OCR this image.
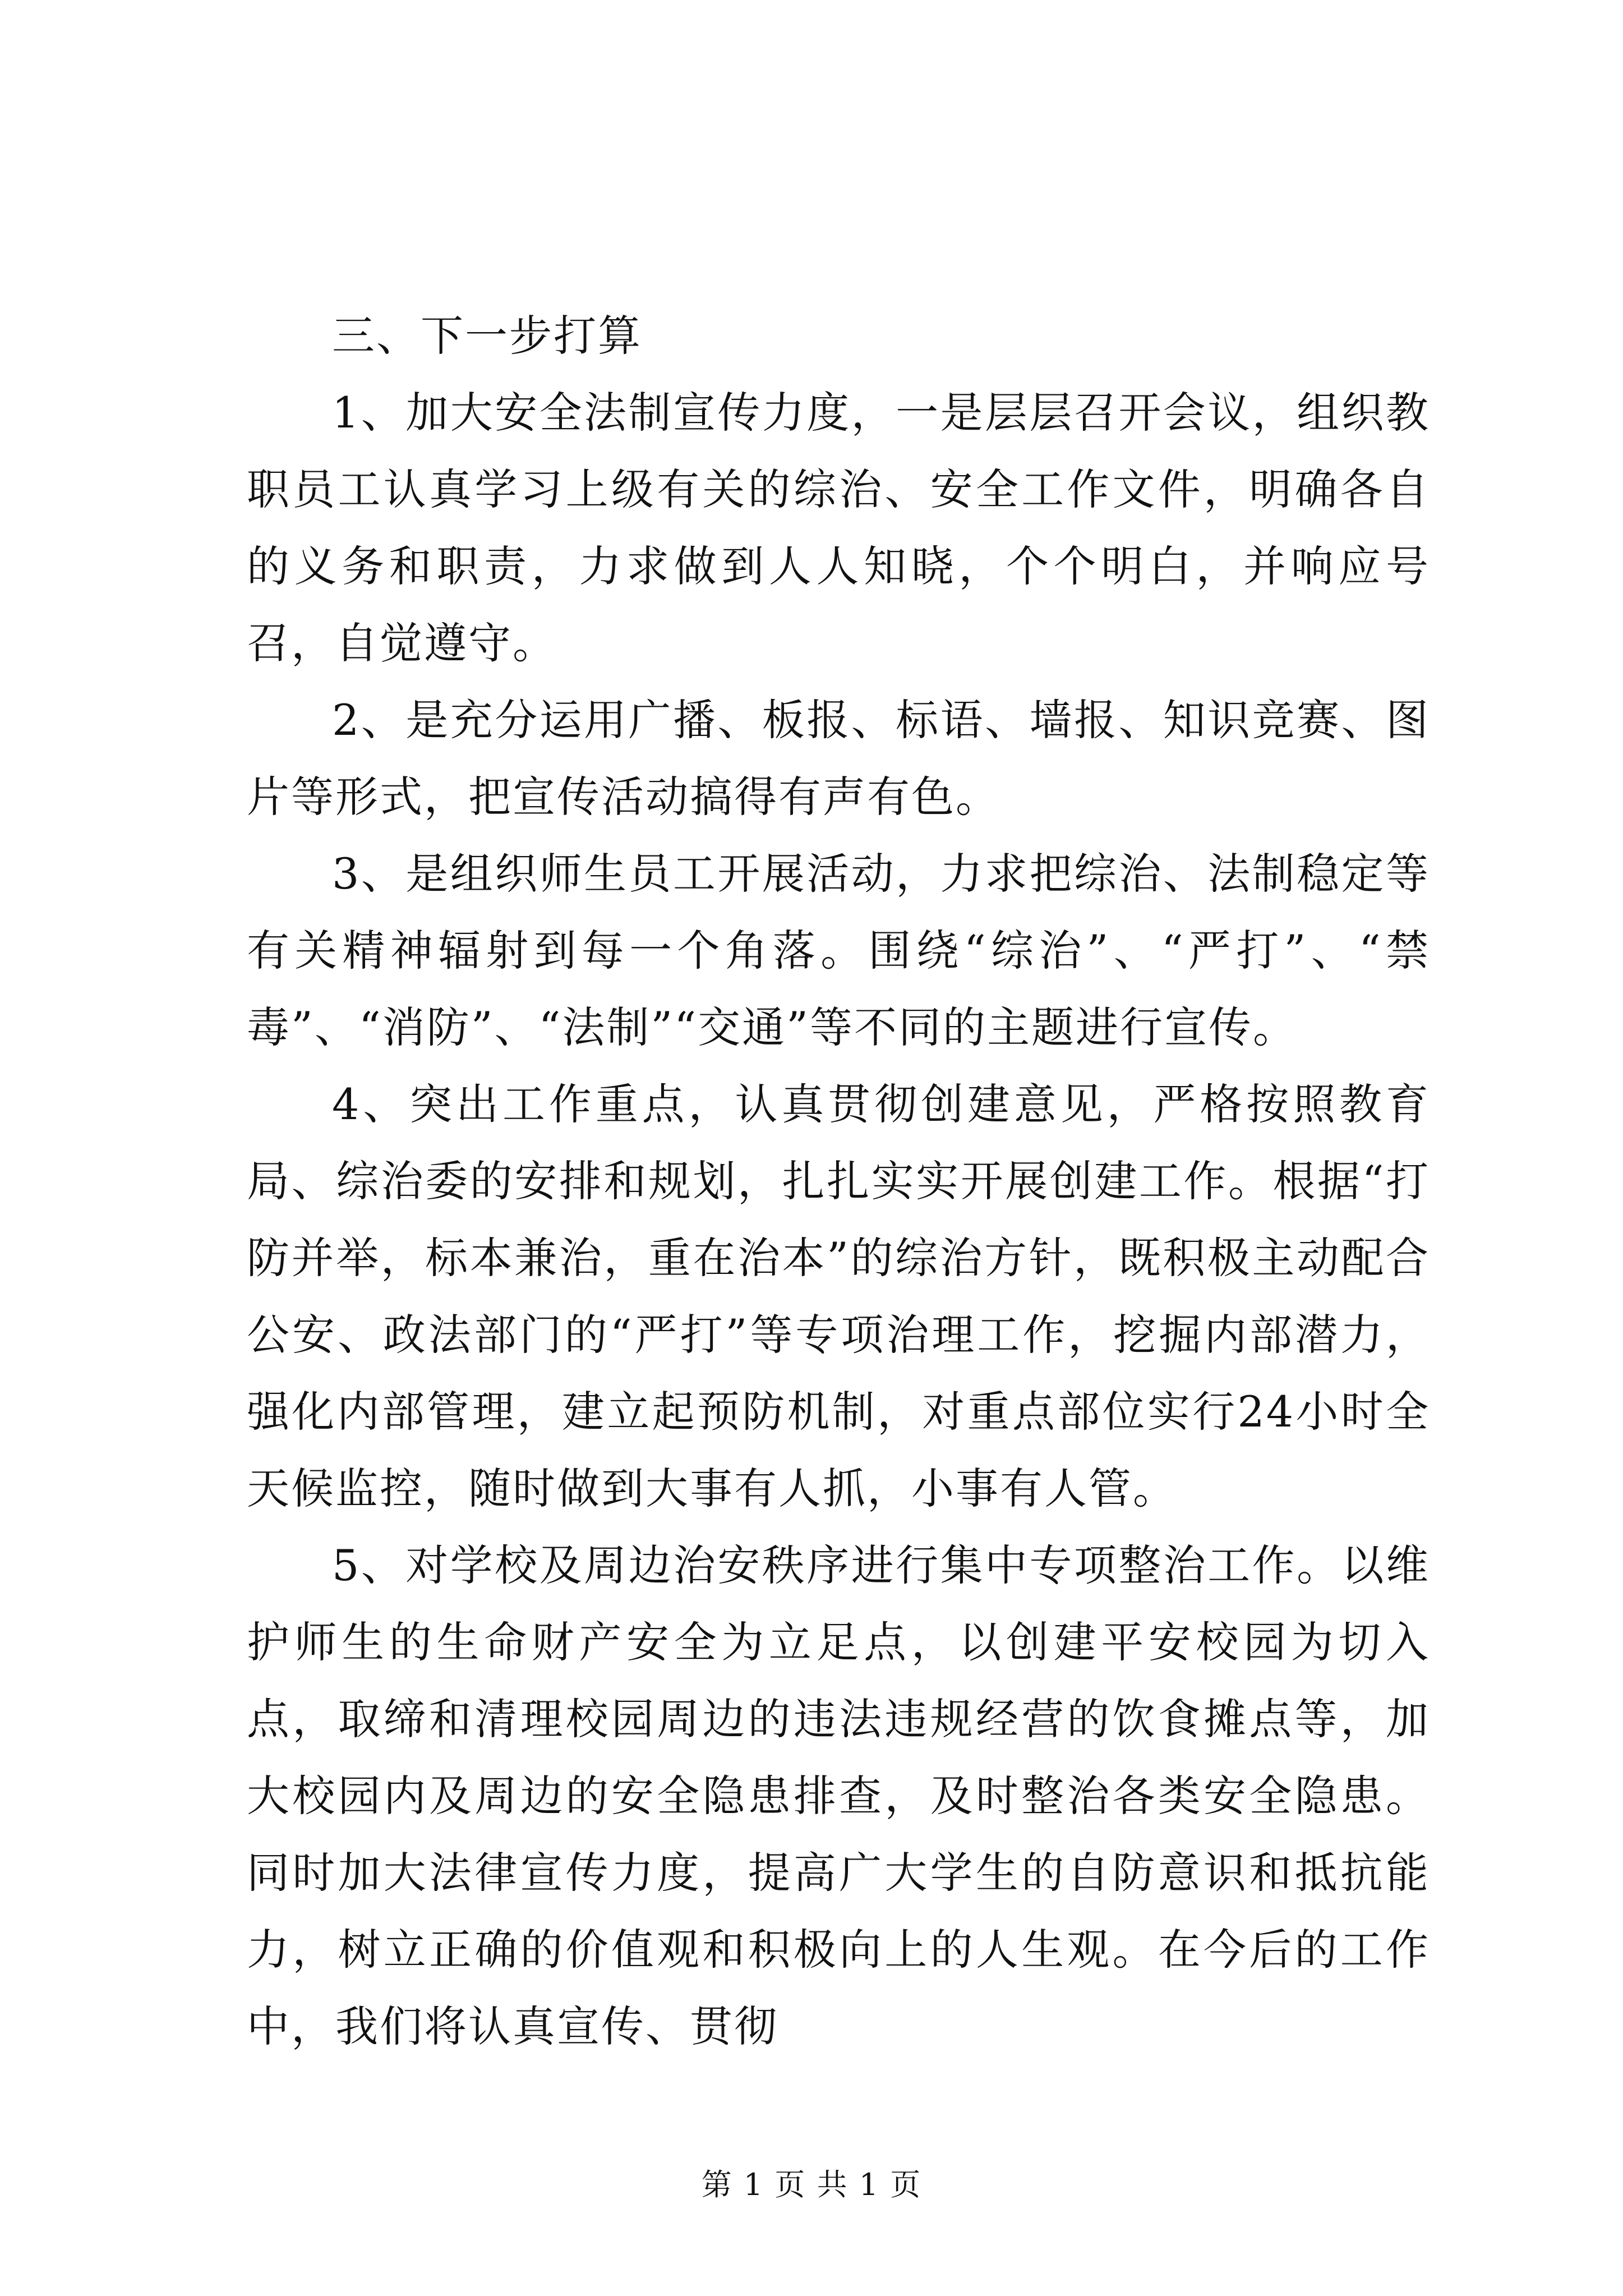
三、下一步打算

1、加大安全法制宣传力度，一是层层召开会议，组织教职员工认真学习上级有关的综治、安全工作文件，明确各自的义务和职责，力求做到人人知晓，个个明白，并响应号召，自觉遵守。

2、是充分运用广播、板报、标语、墙报、知识竞赛、图片等形式，把宣传活动搞得有声有色。

3、是组织师生员工开展活动，力求把综治、法制稳定等有关精神辐射到每一个角落。围绕“综治”、“严打”、“禁毒”、“消防”、“法制”“交通”等不同的主题进行宣传。

4、突出工作重点，认真贯彻创建意见，严格按照教育局、综治委的安排和规划，扎扎实实开展创建工作。根据“打防并举，标本兼治，重在治本”的综治方针，既积极主动配合公安、政法部门的“严打”等专项治理工作，挖掘内部潜力，强化内部管理，建立起预防机制，对重点部位实行24小时全天候监控，随时做到大事有人抓，小事有人管。

5、对学校及周边治安秩序进行集中专项整治工作。以维护师生的生命财产安全为立足点，以创建平安校园为切入点，取缔和清理校园周边的违法违规经营的饮食摊点等，加大校园内及周边的安全隐患排查，及时整治各类安全隐患。同时加大法律宣传力度，提高广大学生的自防意识和抵抗能力，树立正确的价值观和积极向上的人生观。在今后的工作中，我们将认真宣传、贯彻

第 1 页 共 1 页
